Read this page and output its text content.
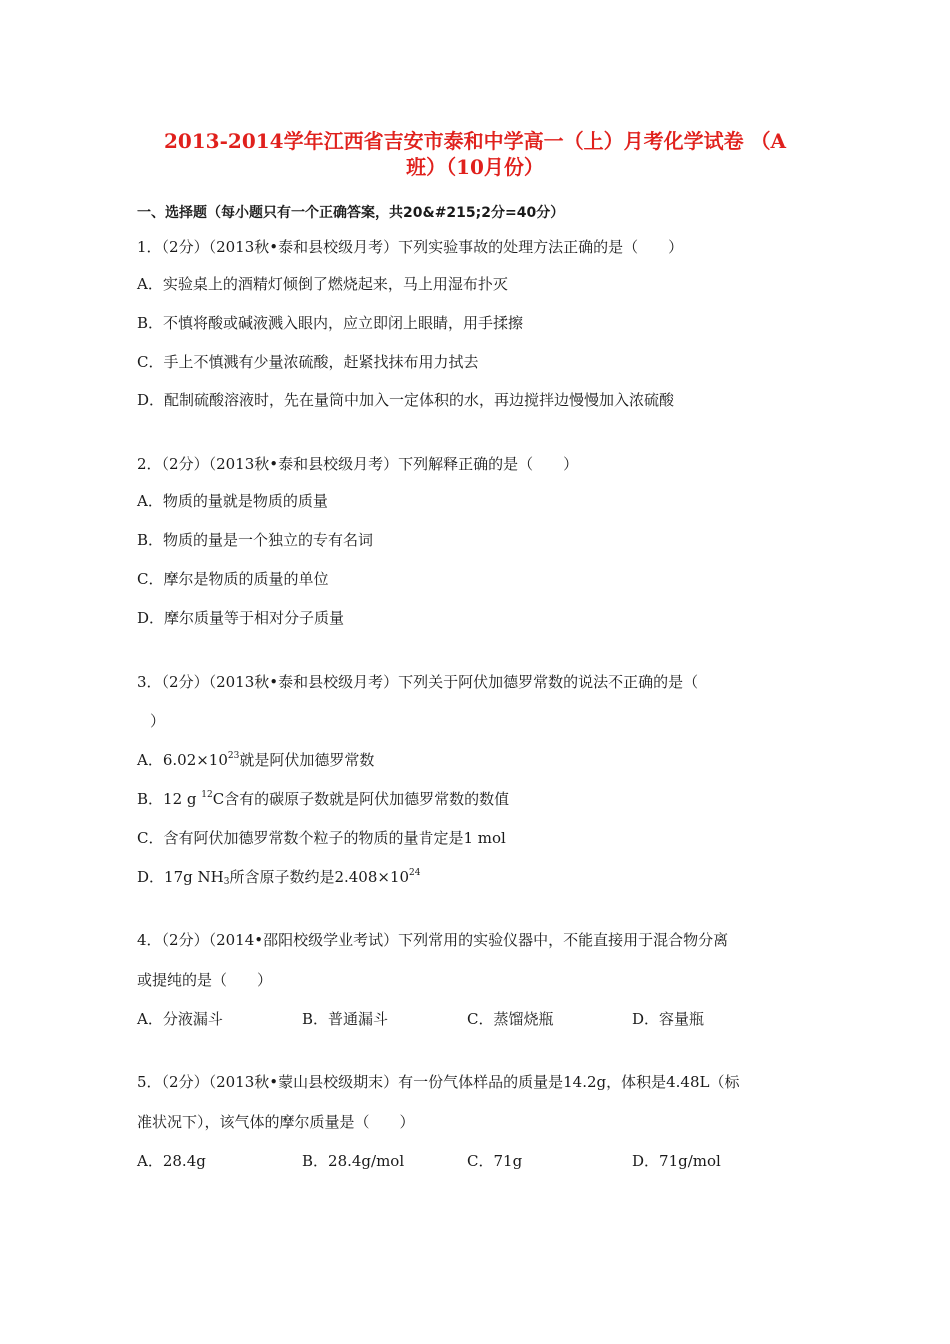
2013-2014学年江西省吉安市泰和中学高一（上）月考化学试卷 （A
班）（10月份）
一、选择题（每小题只有一个正确答案，共20&#215;2分=40分）
1．（2分）（2013秋•泰和县校级月考）下列实验事故的处理方法正确的是（　　）
A．实验桌上的酒精灯倾倒了燃烧起来，马上用湿布扑灭
B．不慎将酸或碱液溅入眼内，应立即闭上眼睛，用手揉擦
C．手上不慎溅有少量浓硫酸，赶紧找抹布用力拭去
D．配制硫酸溶液时，先在量筒中加入一定体积的水，再边搅拌边慢慢加入浓硫酸
2．（2分）（2013秋•泰和县校级月考）下列解释正确的是（　　）
A．物质的量就是物质的质量
B．物质的量是一个独立的专有名词
C．摩尔是物质的质量的单位
D．摩尔质量等于相对分子质量
3．（2分）（2013秋•泰和县校级月考）下列关于阿伏加德罗常数的说法不正确的是（
）
A．$6.02\times 10^{23}$就是阿伏加德罗常数
B．12 g $^{12}$C含有的碳原子数就是阿伏加德罗常数的数值
C．含有阿伏加德罗常数个粒子的物质的量肯定是1 mol
D．17g $NH_3$所含原子数约是$2.408\times 10^{24}$
4．（2分）（2014•邵阳校级学业考试）下列常用的实验仪器中，不能直接用于混合物分离
或提纯的是（　　）
A．分液漏斗	B．普通漏斗	C．蒸馏烧瓶	D．容量瓶
5．（2分）（2013秋•蒙山县校级期末）有一份气体样品的质量是14.2g，体积是4.48L（标
准状况下），该气体的摩尔质量是（　　）
A．28.4g	B．28.4g/mol	C．71g	D．71g/mol
